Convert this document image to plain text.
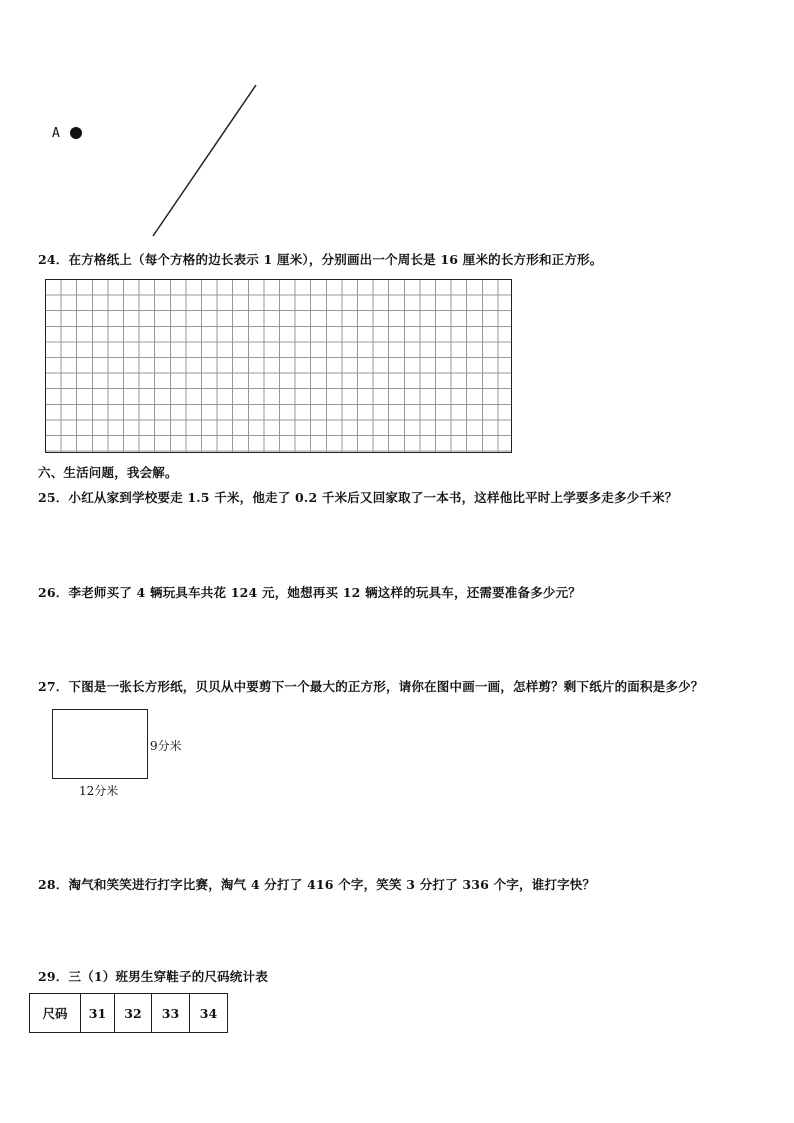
A
24．在方格纸上（每个方格的边长表示 1 厘米），分别画出一个周长是 16 厘米的长方形和正方形。
六、生活问题，我会解。
25．小红从家到学校要走 1.5 千米，他走了 0.2 千米后又回家取了一本书，这样他比平时上学要多走多少千米？
26．李老师买了 4 辆玩具车共花 124 元，她想再买 12 辆这样的玩具车，还需要准备多少元？
27．下图是一张长方形纸，贝贝从中要剪下一个最大的正方形，请你在图中画一画，怎样剪？剩下纸片的面积是多少？
9分米
12分米
28．淘气和笑笑进行打字比赛，淘气 4 分打了 416 个字，笑笑 3 分打了 336 个字，谁打字快？
29．三（1）班男生穿鞋子的尺码统计表
尺码	31	32	33	34
